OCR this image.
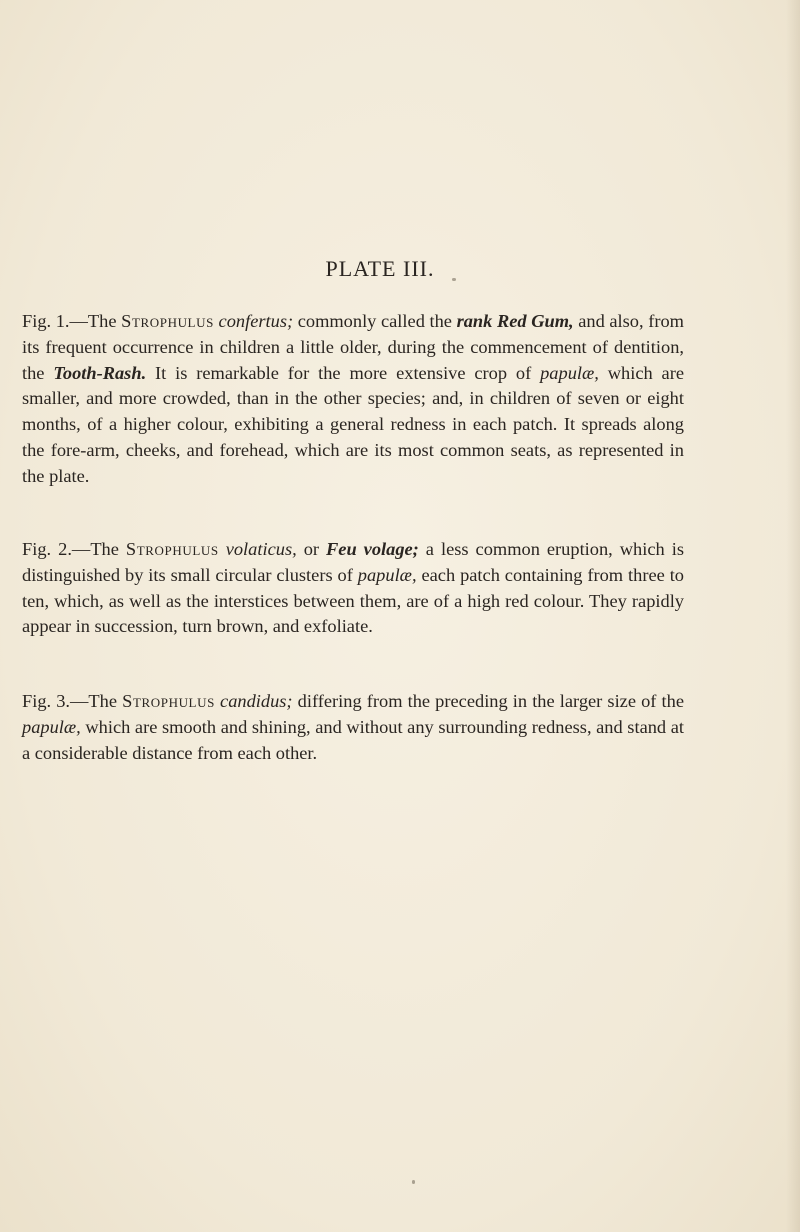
PLATE III.

Fig. 1.—The Strophulus confertus; commonly called the rank Red Gum, and also, from its frequent occurrence in children a little older, during the commencement of dentition, the Tooth-Rash. It is remarkable for the more extensive crop of papulæ, which are smaller, and more crowded, than in the other species; and, in children of seven or eight months, of a higher colour, exhibiting a general redness in each patch. It spreads along the fore-arm, cheeks, and forehead, which are its most common seats, as represented in the plate.

Fig. 2.—The Strophulus volaticus, or Feu volage; a less common eruption, which is distinguished by its small circular clusters of papulæ, each patch containing from three to ten, which, as well as the interstices between them, are of a high red colour. They rapidly appear in succession, turn brown, and exfoliate.

Fig. 3.—The Strophulus candidus; differing from the preceding in the larger size of the papulæ, which are smooth and shining, and without any surrounding redness, and stand at a considerable distance from each other.
